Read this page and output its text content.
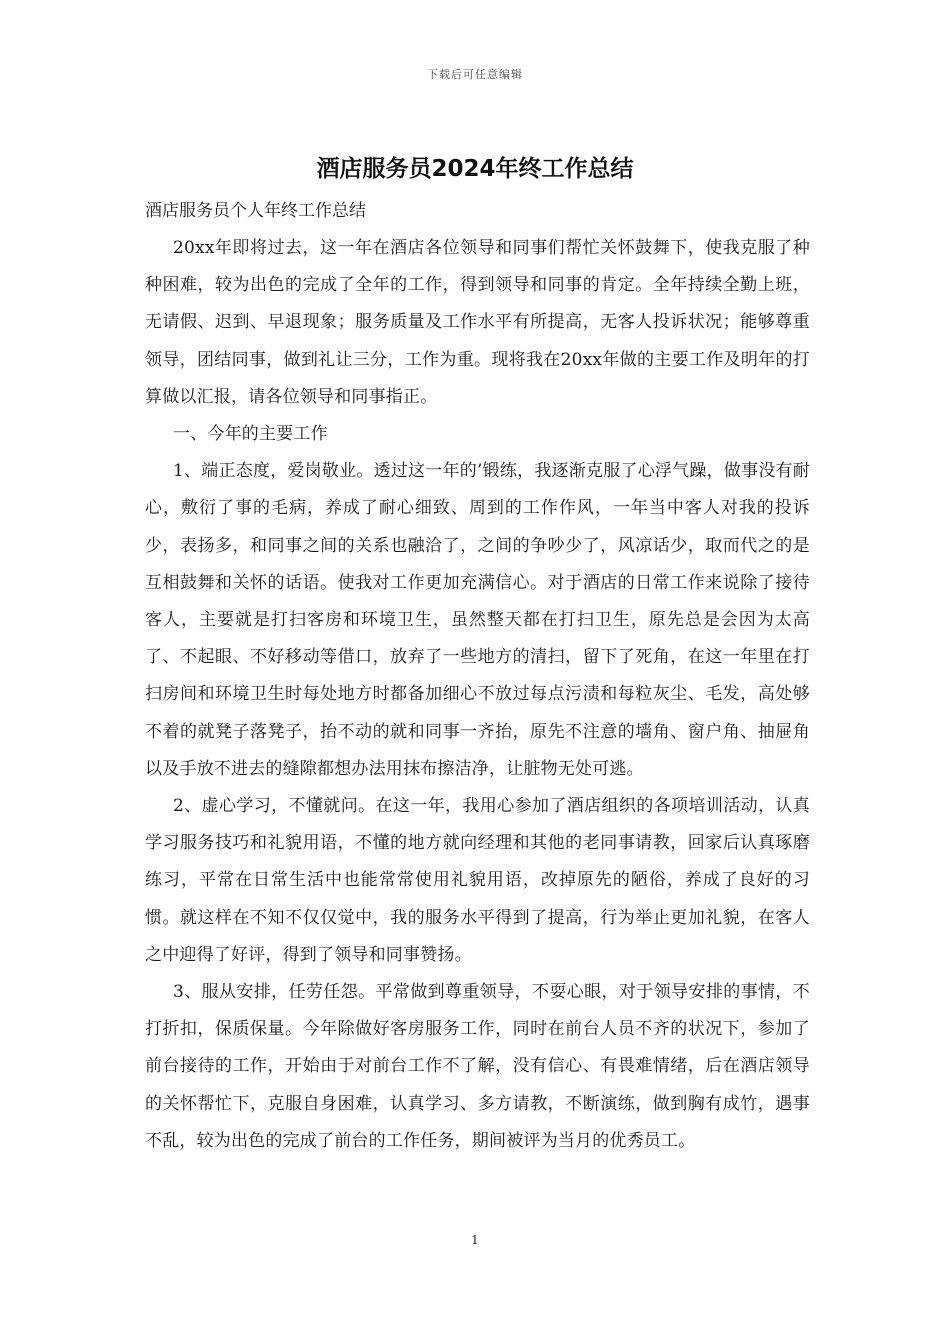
下载后可任意编辑
酒店服务员2024年终工作总结
酒店服务员个人年终工作总结

20xx年即将过去，这一年在酒店各位领导和同事们帮忙关怀鼓舞下，使我克服了种种困难，较为出色的完成了全年的工作，得到领导和同事的肯定。全年持续全勤上班，无请假、迟到、早退现象；服务质量及工作水平有所提高，无客人投诉状况；能够尊重领导，团结同事，做到礼让三分，工作为重。现将我在20xx年做的主要工作及明年的打算做以汇报，请各位领导和同事指正。

一、今年的主要工作

1、端正态度，爱岗敬业。透过这一年的’锻练，我逐渐克服了心浮气躁，做事没有耐心，敷衍了事的毛病，养成了耐心细致、周到的工作作风，一年当中客人对我的投诉少，表扬多，和同事之间的关系也融洽了，之间的争吵少了，风凉话少，取而代之的是互相鼓舞和关怀的话语。使我对工作更加充满信心。对于酒店的日常工作来说除了接待客人，主要就是打扫客房和环境卫生，虽然整天都在打扫卫生，原先总是会因为太高了、不起眼、不好移动等借口，放弃了一些地方的清扫，留下了死角，在这一年里在打扫房间和环境卫生时每处地方时都备加细心不放过每点污渍和每粒灰尘、毛发，高处够不着的就凳子落凳子，抬不动的就和同事一齐抬，原先不注意的墙角、窗户角、抽屉角以及手放不进去的缝隙都想办法用抹布擦洁净，让脏物无处可逃。

2、虚心学习，不懂就问。在这一年，我用心参加了酒店组织的各项培训活动，认真学习服务技巧和礼貌用语，不懂的地方就向经理和其他的老同事请教，回家后认真琢磨练习，平常在日常生活中也能常常使用礼貌用语，改掉原先的陋俗，养成了良好的习惯。就这样在不知不仅仅觉中，我的服务水平得到了提高，行为举止更加礼貌，在客人之中迎得了好评，得到了领导和同事赞扬。

3、服从安排，任劳任怨。平常做到尊重领导，不耍心眼，对于领导安排的事情，不打折扣，保质保量。今年除做好客房服务工作，同时在前台人员不齐的状况下，参加了前台接待的工作，开始由于对前台工作不了解，没有信心、有畏难情绪，后在酒店领导的关怀帮忙下，克服自身困难，认真学习、多方请教，不断演练，做到胸有成竹，遇事不乱，较为出色的完成了前台的工作任务，期间被评为当月的优秀员工。

1
